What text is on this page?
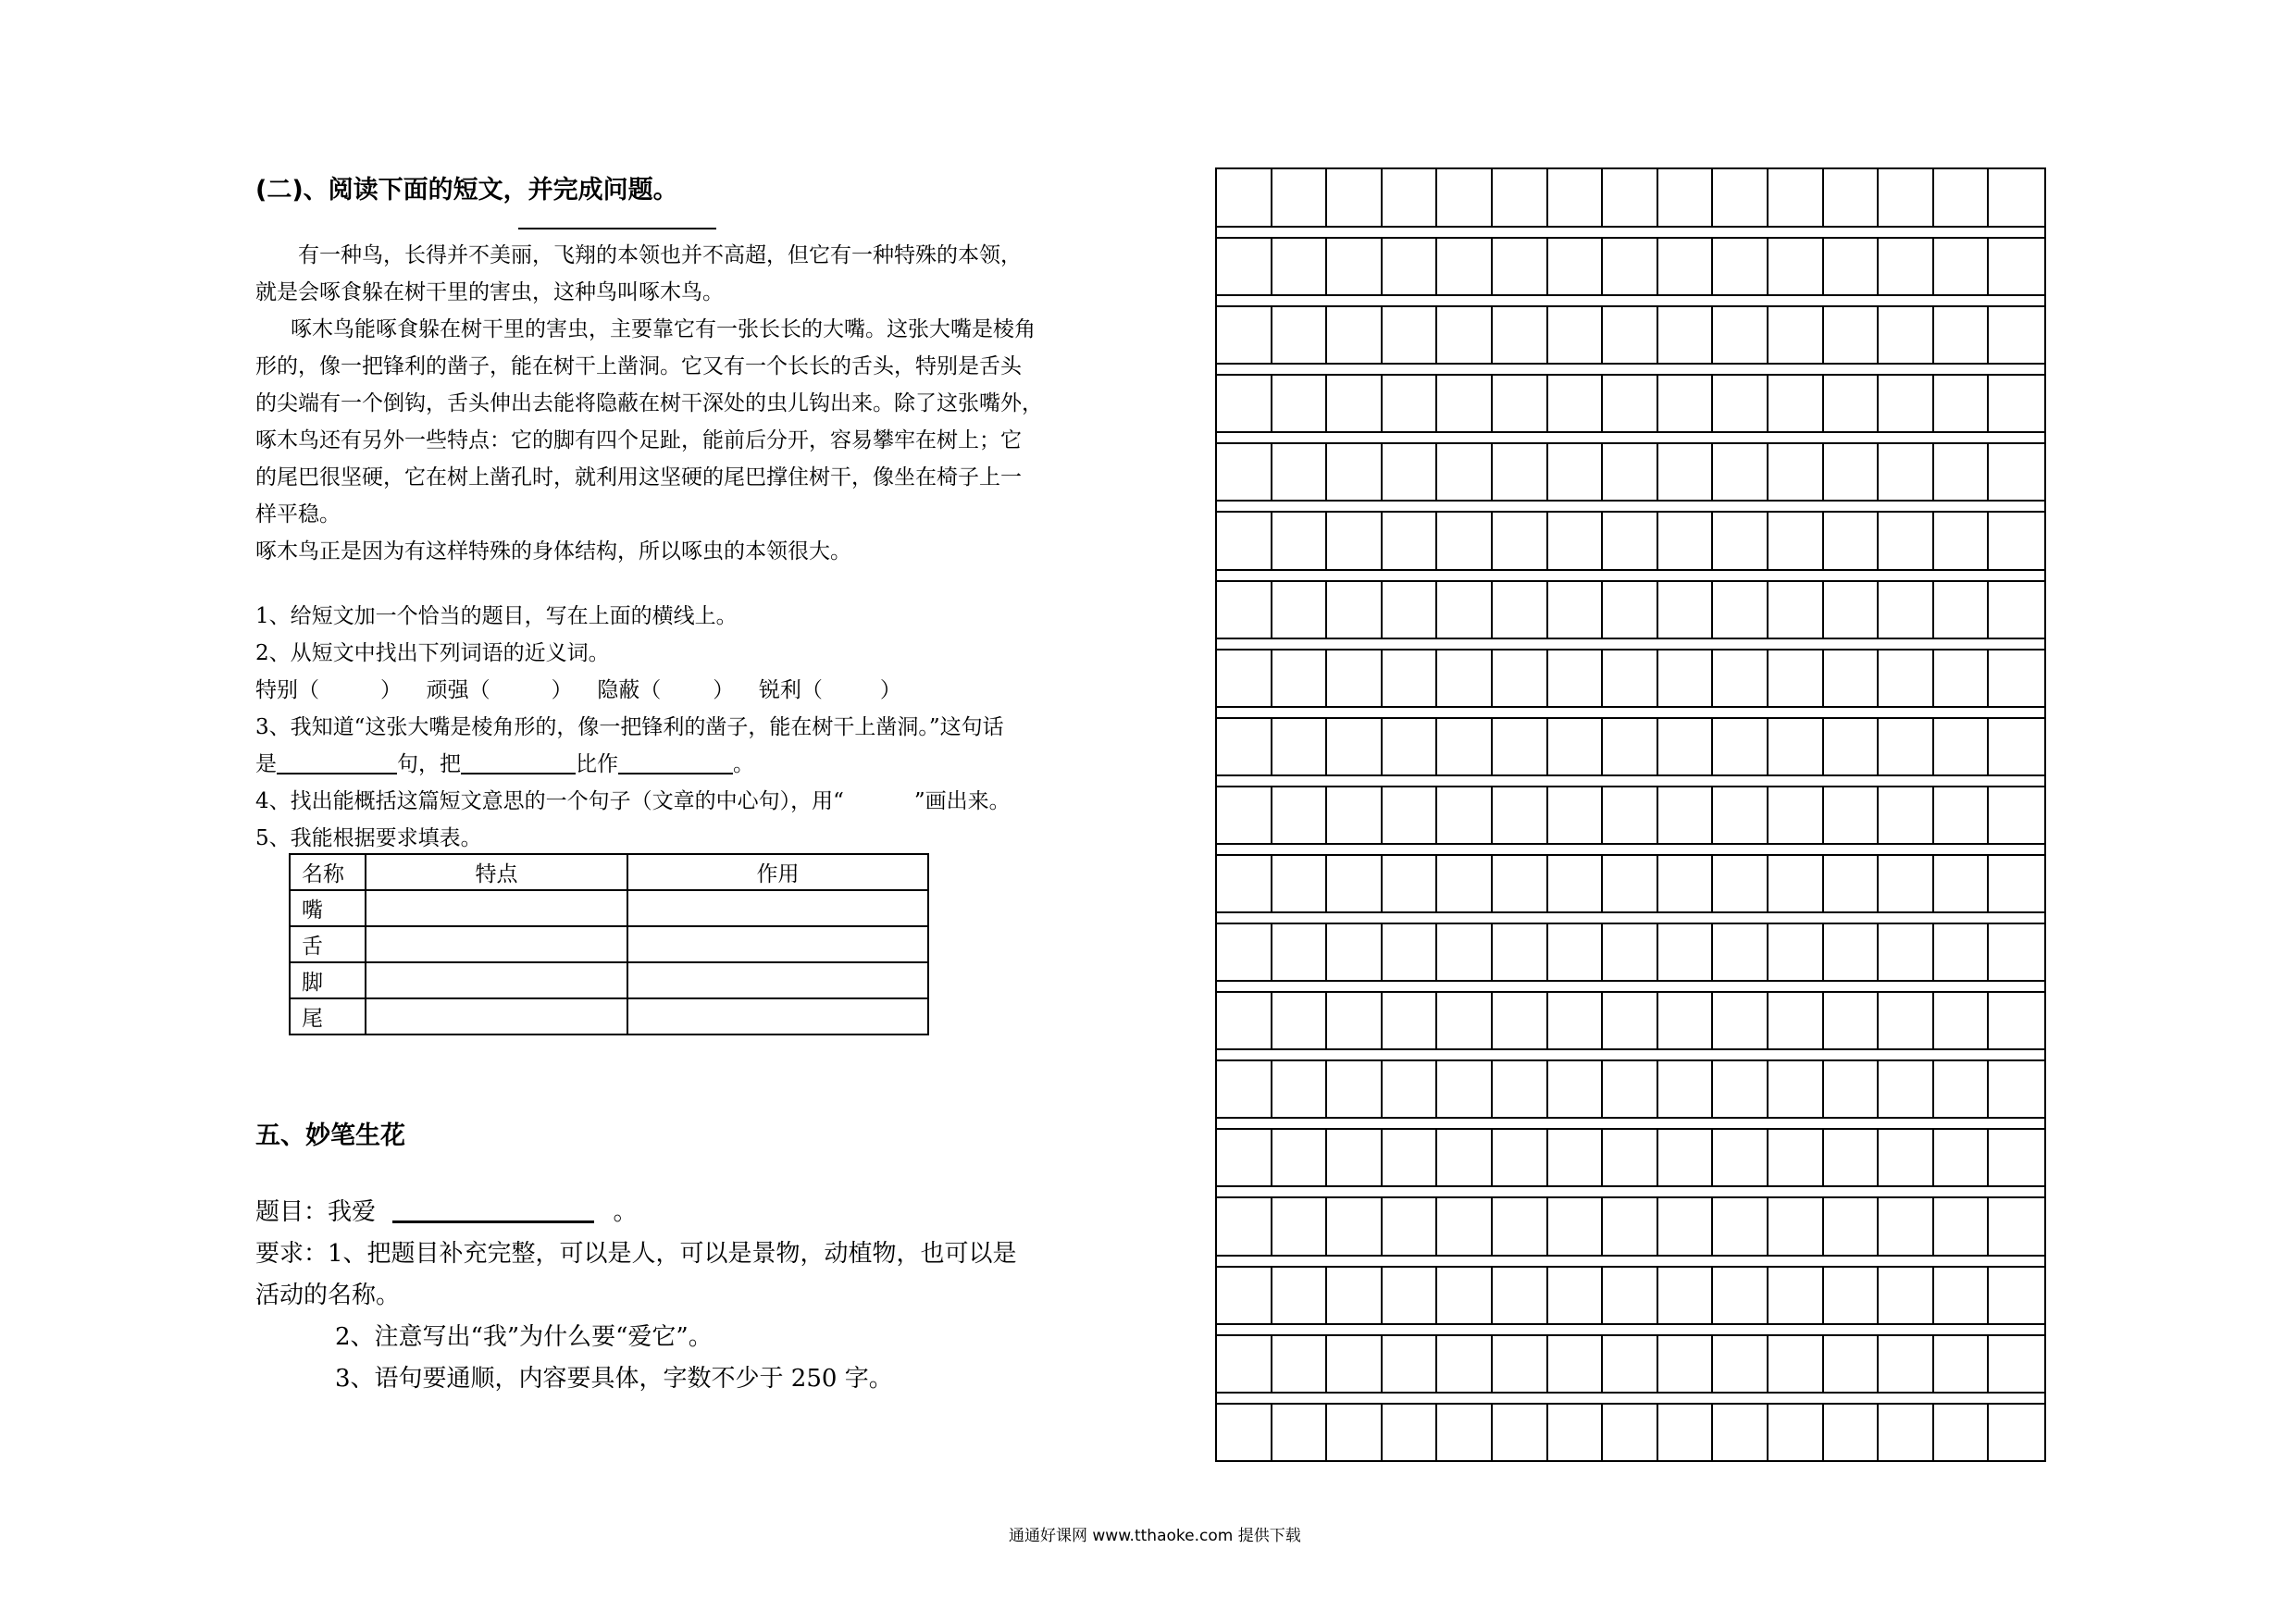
(二)、阅读下面的短文，并完成问题。
有一种鸟，长得并不美丽，飞翔的本领也并不高超，但它有一种特殊的本领，
就是会啄食躲在树干里的害虫，这种鸟叫啄木鸟。
啄木鸟能啄食躲在树干里的害虫，主要靠它有一张长长的大嘴。这张大嘴是棱角
形的，像一把锋利的凿子，能在树干上凿洞。它又有一个长长的舌头，特别是舌头
的尖端有一个倒钩，舌头伸出去能将隐蔽在树干深处的虫儿钩出来。除了这张嘴外，
啄木鸟还有另外一些特点：它的脚有四个足趾，能前后分开，容易攀牢在树上；它
的尾巴很坚硬，它在树上凿孔时，就利用这坚硬的尾巴撑住树干，像坐在椅子上一
样平稳。
啄木鸟正是因为有这样特殊的身体结构，所以啄虫的本领很大。
1、给短文加一个恰当的题目，写在上面的横线上。
2、从短文中找出下列词语的近义词。
特别（	） 顽强（	） 隐蔽（ ） 锐利（	）
3、我知道“这张大嘴是棱角形的，像一把锋利的凿子，能在树干上凿洞。”这句话
是	句，把	比作	。
4、找出能概括这篇短文意思的一个句子（文章的中心句），用“	”画出来。
5、我能根据要求填表。
名称	特点	作用
嘴		
舌		
脚		
尾		
五、妙笔生花
题目：我爱	。
要求：1、把题目补充完整，可以是人，可以是景物，动植物，也可以是
活动的名称。
2、注意写出“我”为什么要“爱它”。
3、语句要通顺，内容要具体，字数不少于 250 字。
通通好课网 www.tthaoke.com 提供下载
